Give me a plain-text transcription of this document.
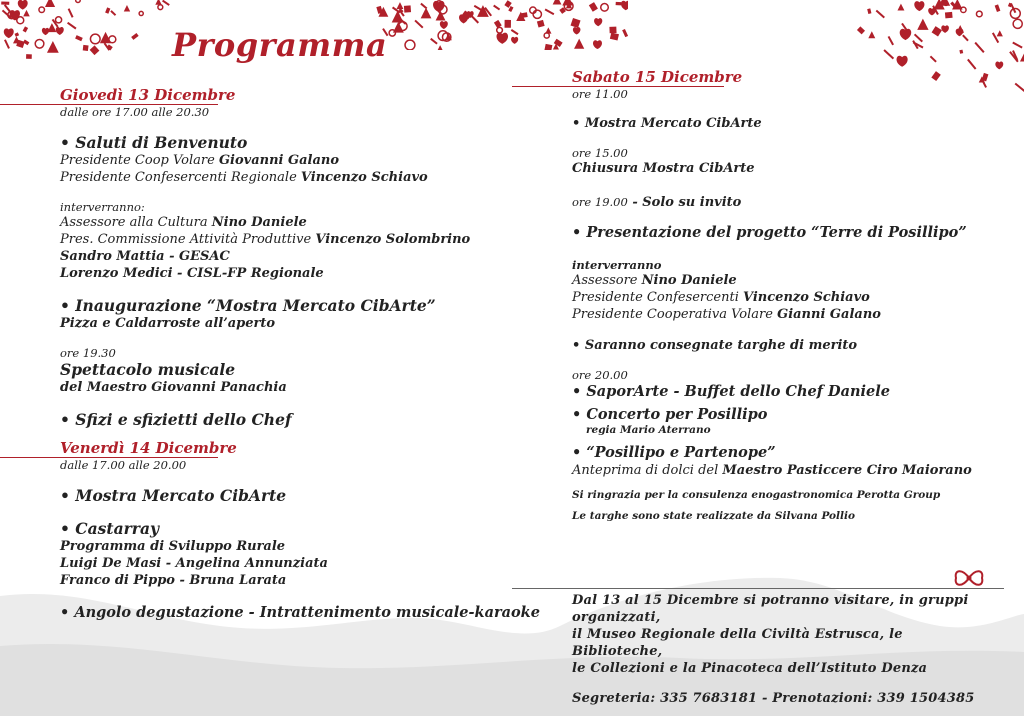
Programma
Giovedì 13 Dicembre
dalle ore 17.00 alle 20.30
• Saluti di Benvenuto
Presidente Coop Volare Giovanni Galano
Presidente Confesercenti Regionale Vincenzo Schiavo
interverranno:
Assessore alla Cultura Nino Daniele
Pres. Commissione Attività Produttive Vincenzo Solombrino
Sandro Mattia - GESAC
Lorenzo Medici - CISL-FP Regionale
• Inaugurazione “Mostra Mercato CibArte”
Pizza e Caldarroste all’aperto
ore 19.30
Spettacolo musicale
del Maestro Giovanni Panachia
• Sfizi e sfizietti dello Chef
Venerdì 14 Dicembre
dalle 17.00 alle 20.00
• Mostra Mercato CibArte
• Castarray
Programma di Sviluppo Rurale
Luigi De Masi - Angelina Annunziata
Franco di Pippo - Bruna Larata
• Angolo degustazione - Intrattenimento musicale-karaoke
Sabato 15 Dicembre
ore 11.00
• Mostra Mercato CibArte
ore 15.00
Chiusura Mostra CibArte
ore 19.00 - Solo su invito
• Presentazione del progetto “Terre di Posillipo”
interverranno
Assessore Nino Daniele
Presidente Confesercenti Vincenzo Schiavo
Presidente Cooperativa Volare Gianni Galano
• Saranno consegnate targhe di merito
ore 20.00
• SaporArte - Buffet dello Chef Daniele
• Concerto per Posillipo
regia Mario Aterrano
• “Posillipo e Partenope”
Anteprima di dolci del Maestro Pasticcere Ciro Maiorano
Si ringrazia per la consulenza enogastronomica Perotta Group
Le targhe sono state realizzate da Silvana Pollio
Dal 13 al 15 Dicembre si potranno visitare, in gruppi organizzati,
il Museo Regionale della Civiltà Estrusca, le Biblioteche,
le Collezioni e la Pinacoteca dell’Istituto Denza
Segreteria: 335 7683181 - Prenotazioni: 339 1504385
